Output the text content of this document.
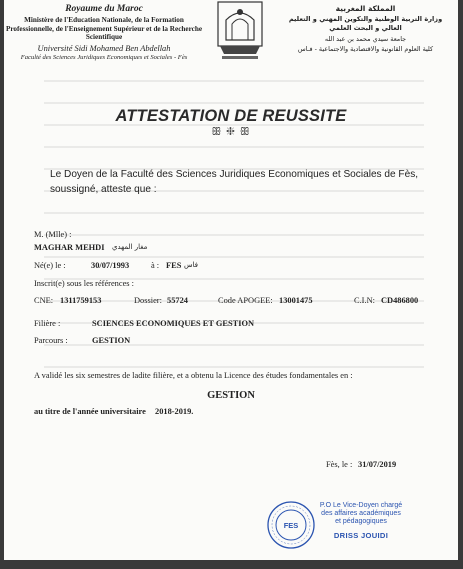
Royaume du Maroc
Ministère de l'Education Nationale, de la Formation Professionnelle, de l'Enseignement Supérieur et de la Recherche Scientifique
Université Sidi Mohamed Ben Abdellah
Faculté des Sciences Juridiques Economiques et Sociales - Fès
المملكة المغربية
وزارة التربية الوطنية والتكوين المهني و التعليم العالي و البحث العلمي
جامعة سيدي محمد بن عبد الله
كلية العلوم القانونية والاقتصادية والاجتماعية - فـاس
ATTESTATION DE REUSSITE
ꕥ ❈ ꕥ
Le Doyen de la Faculté des Sciences Juridiques Economiques et Sociales de Fès, soussigné, atteste que :
M. (Mlle) :
MAGHAR MEHDI مغار المهدي
Né(e) le :	30/07/1993	à : FES فاس
Inscrit(e) sous les références :
CNE: 1311759153	Dossier: 55724	Code APOGEE: 13001475	C.I.N: CD486800
Filière :	SCIENCES ECONOMIQUES ET GESTION
Parcours :	GESTION
A validé les six semestres de ladite filière, et a obtenu la Licence des études fondamentales en :
GESTION
au titre de l'année universitaire 2018-2019.
Fès, le : 31/07/2019
FES
P.O Le Vice-Doyen chargé
des affaires académiques
et pédagogiques
DRISS JOUIDI
